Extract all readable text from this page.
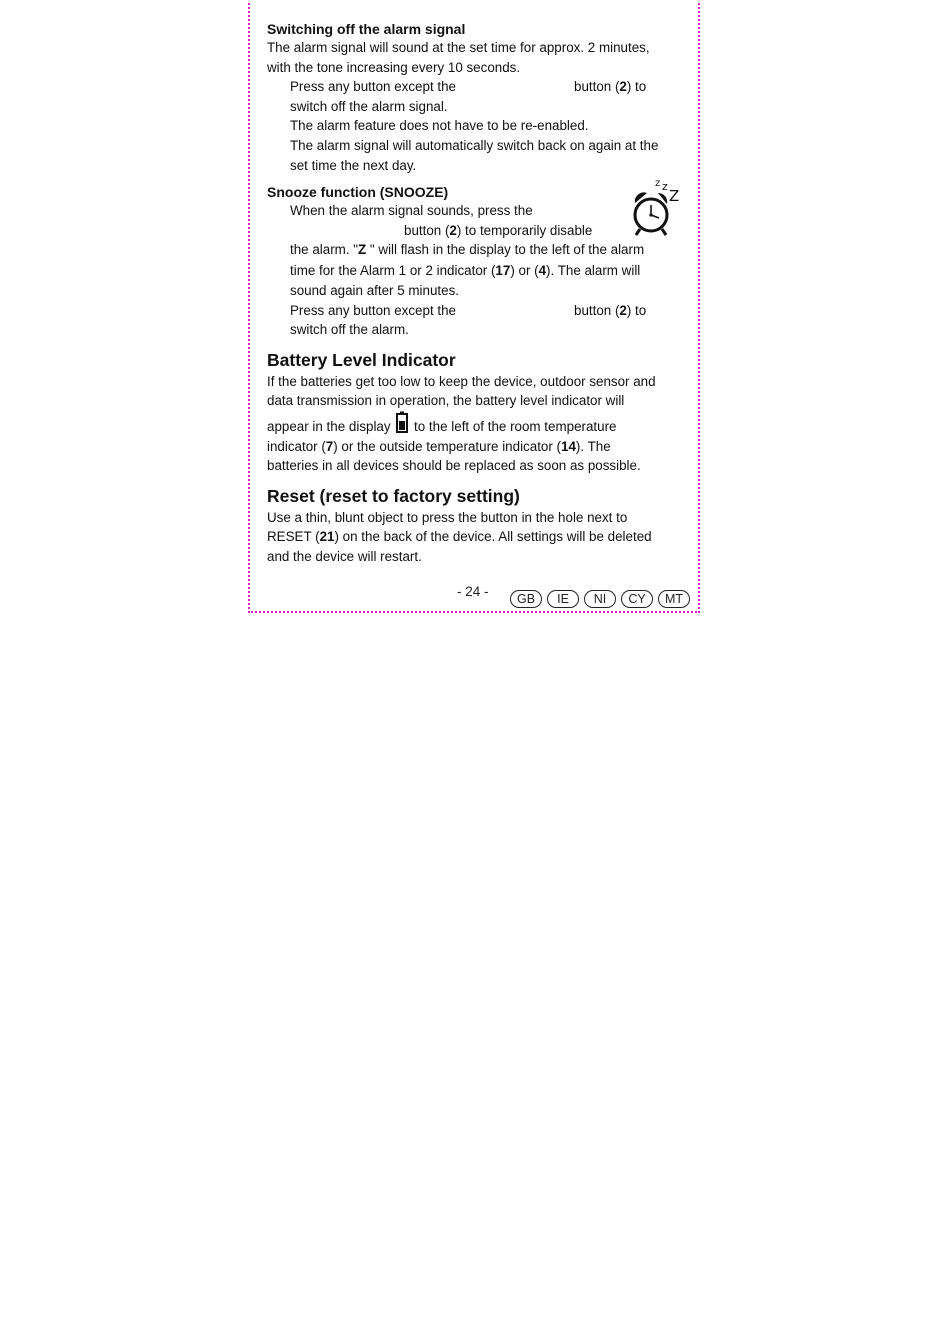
Switching off the alarm signal

The alarm signal will sound at the set time for approx. 2 minutes,
with the tone increasing every 10 seconds.

Press any button except the	button (2) to
switch off the alarm signal.

The alarm feature does not have to be re-enabled.

The alarm signal will automatically switch back on again at the
set time the next day.

Snooze function (SNOOZE)

When the alarm signal sounds, press the
button (2) to temporarily disable
the alarm. "Z " will flash in the display to the left of the alarm
time for the Alarm 1 or 2 indicator (17) or (4). The alarm will
sound again after 5 minutes.

Press any button except the	button (2) to
switch off the alarm.

z z
Z

Battery Level Indicator

If the batteries get too low to keep the device, outdoor sensor and
data transmission in operation, the battery level indicator will
appear in the display to the left of the room temperature
indicator (7) or the outside temperature indicator (14). The
batteries in all devices should be replaced as soon as possible.

Reset (reset to factory setting)

Use a thin, blunt object to press the button in the hole next to
RESET (21) on the back of the device. All settings will be deleted
and the device will restart.

- 24 -	GB	IE	NI	CY	MT
